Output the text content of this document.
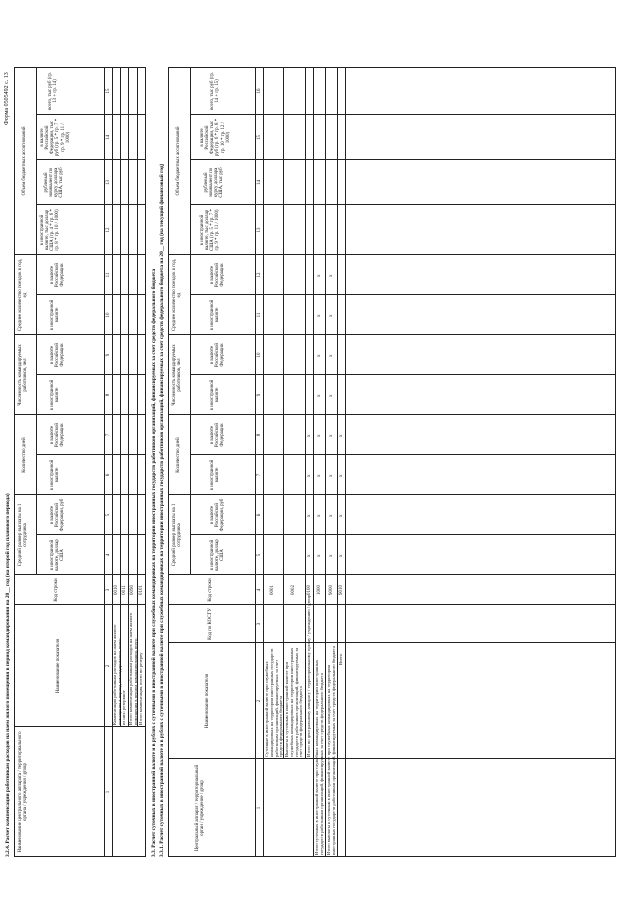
Форма 0505492 с. 13
3.2.4. Расчет компенсации работникам расходов на наем жилого помещения в период командирования на 20__ год (на второй год планового периода) Наименование центрального аппарата / территориального органа / учреждения / group
Наименование показателя
Код строки
Средний размер выплаты на 1 сотрудника
в иностранной валюте, доллар США
в валюте Российской Федерации, руб
Количество дней
в иностранной валюте
в валюте Российской Федерации
Численность командируемых работников, чел
в иностранной валюте
в валюте Российской Федерации
Среднее количество поездок в год, ед
в иностранной валюте
в валюте Российской Федерации
Объем бюджетных ассигнований
в иностранной валюте, тыс доллар США (гр. 4 * гр. 6 * гр. 8 * гр. 10 / 1000)
рублевый эквивалент по курсу доллара США, тыс руб
в валюте Российской Федерации, тыс руб (гр. 5 * гр. 7 * гр. 9 * гр. 11 / 1000)
всего, тыс руб (гр. 13 + гр. 14)
1
2
3
4
5
6
7
8
9
10
11
12
13
14
15
Компенсация работникам расходов на наем жилого помещения в период командирования, всего
0010
из них: резервное
0011
Итого компенсация работникам расходов на наем жилого помещения в период командирования, всего
0090
Итого компенсация, всего по резерву
0101 3.3. Расчет суточных в иностранной валюте и в рублях с суточными в иностранной валюте при служебных командировках на территории иностранных государств работников организаций, финансируемых за счет средств федерального бюджета 3.3.1. Расчет суточных в иностранной валюте и в рублях с суточными в иностранной валюте при служебных командировках на территории иностранных государств работников организаций, финансируемых за счет средств федерального бюджета на 20__ год (на текущий финансовый год)	Центральный аппарат / территориальный орган / учреждение / group
Наименование показателя
Код по КОСГУ
Код строки
Средний размер выплаты на 1 сотрудника
в иностранной валюте, доллар США
в валюте Российской Федерации, руб
Количество дней
в иностранной валюте
в валюте Российской Федерации
Численность командируемых работников, чел
в иностранной валюте
в валюте Российской Федерации
Среднее количество поездок в год, ед
в иностранной валюте
в валюте Российской Федерации
Объем бюджетных ассигнований
в иностранной валюте, тыс доллар США (гр. 5 * гр. 7 * гр. 9 * гр. 11 / 1000)
рублевый эквивалент по курсу доллара США, тыс руб
в валюте Российской Федерации, тыс руб (гр. 6 * гр. 8 * гр. 10 * гр. 12 / 1000)
всего, тыс руб (гр. 14 + гр. 15)
1
2
3
4
5
6
7
8
9
10
11
12
13
14
15
16
Суточные в иностранной валюте при служебных командировках на территории иностранных государств работникам организаций, финансируемых за счет средств федерального бюджета
0001
Выплаты к суточным в иностранной валюте при служебных командировках на территории иностранных государств работников организаций, финансируемых за счет средств федерального бюджета
0002
Итого по центральному аппарату / территориальному органу / учреждению / group
0100
Итого суточных в иностранной валюте при служебных командировках на территории иностранных государств работникам организаций, финансируемых за счет средств федерального бюджета
1000
Итого выплаты к суточным в иностранной валюте при служебных командировках на территории иностранных государств работникам организаций, финансируемых за счет средств федерального бюджета
9000
Всего
9010
x
x
x
x
x
x
x
x
x
x
x
x
x
x
x
x
x
x
x
x
x
x
x
x
